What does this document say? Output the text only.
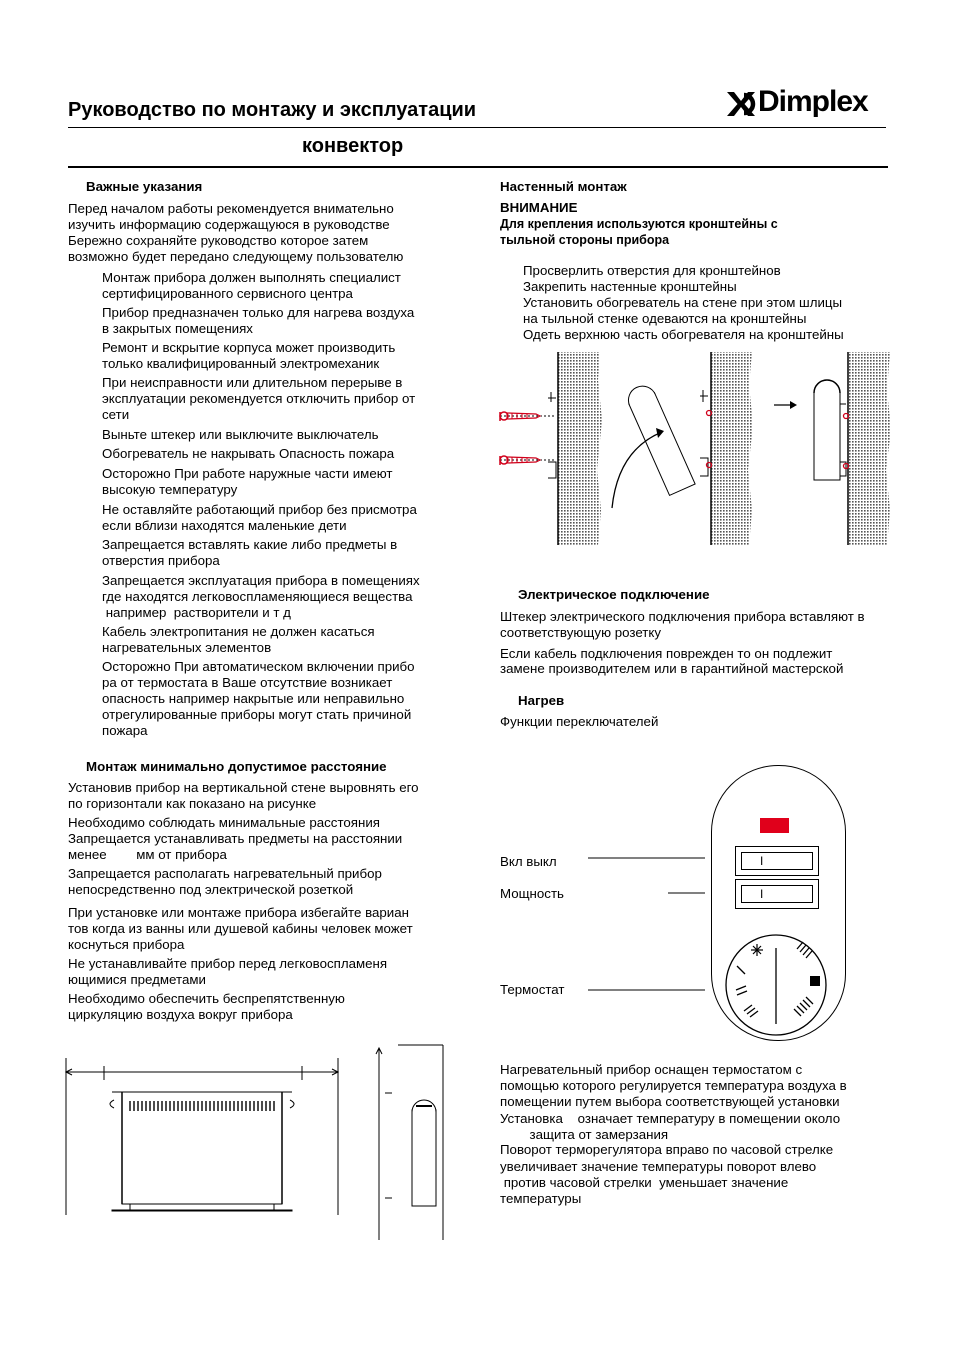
Dimplex
Руководство по монтажу и эксплуатации
конвектор
Важные указания
Перед началом работы рекомендуется внимательно
изучить информацию содержащуюся в руководстве
Бережно сохраняйте руководство которое затем
возможно будет передано следующему пользователю
Монтаж прибора должен выполнять специалист
сертифицированного сервисного центра
Прибор предназначен только для нагрева воздуха
в закрытых помещениях
Ремонт и вскрытие корпуса может производить
только квалифицированный электромеханик
При неисправности или длительном перерыве в
эксплуатации рекомендуется отключить прибор от
сети
Выньте штекер или выключите выключатель
Обогреватель не накрывать Опасность пожара
Осторожно При работе наружные части имеют
высокую температуру
Не оставляйте работающий прибор без присмотра
если вблизи находятся маленькие дети
Запрещается вставлять какие либо предметы в
отверстия прибора
Запрещается эксплуатация прибора в помещениях
где находятся легковоспламеняющиеся вещества
например  растворители и т д
Кабель электропитания не должен касаться
нагревательных элементов
Осторожно При автоматическом включении прибо
ра от термостата в Ваше отсутствие возникает
опасность например накрытые или неправильно
отрегулированные приборы могут стать причиной
пожара
Монтаж минимально допустимое расстояние
Установив прибор на вертикальной стене выровнять его
по горизонтали как показано на рисунке
Необходимо соблюдать минимальные расстояния
Запрещается устанавливать предметы на расстоянии
менее        мм от прибора
Запрещается располагать нагревательный прибор
непосредственно под электрической розеткой
При установке или монтаже прибора избегайте вариан
тов когда из ванны или душевой кабины человек может
коснуться прибора
Не устанавливайте прибор перед легковоспламеня
ющимися предметами
Необходимо обеспечить беспрепятственную
циркуляцию воздуха вокруг прибора
Настенный монтаж
ВНИМАНИЕ
Для крепления используются кронштейны с
тыльной стороны прибора
Просверлить отверстия для кронштейнов
Закрепить настенные кронштейны
Установить обогреватель на стене при этом шлицы
на тыльной стенке одеваются на кронштейны
Одеть верхнюю часть обогревателя на кронштейны
Электрическое подключение
Штекер электрического подключения прибора вставляют в
соответствующую розетку
Если кабель подключения поврежден то он подлежит
замене производителем или в гарантийной мастерской
Нагрев
Функции переключателей
I
I
Вкл выкл
Мощность
Термостат
Нагревательный прибор оснащен термостатом с
помощью которого регулируется температура воздуха в
помещении путем выбора соответствующей установки
Установка    означает температуру в помещении около
защита от замерзания
Поворот терморегулятора вправо по часовой стрелке
увеличивает значение температуры поворот влево
против часовой стрелки  уменьшает значение
температуры
